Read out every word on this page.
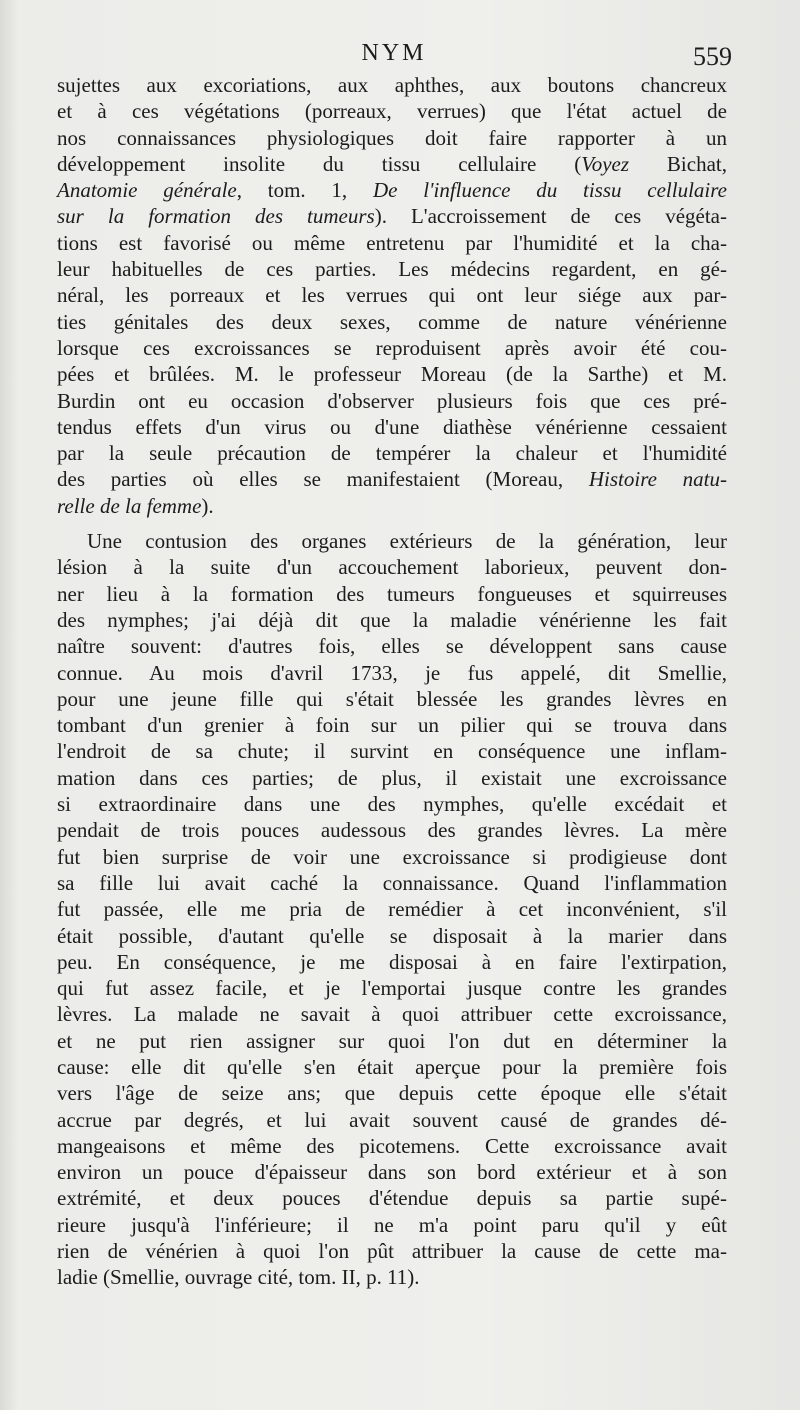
NYM	559
sujettes aux excoriations, aux aphthes, aux boutons chancreux
et à ces végétations (porreaux, verrues) que l'état actuel de
nos connaissances physiologiques doit faire rapporter à un
développement insolite du tissu cellulaire (Voyez Bichat,
Anatomie générale, tom. 1, De l'influence du tissu cellulaire
sur la formation des tumeurs). L'accroissement de ces végéta-
tions est favorisé ou même entretenu par l'humidité et la cha-
leur habituelles de ces parties. Les médecins regardent, en gé-
néral, les porreaux et les verrues qui ont leur siége aux par-
ties génitales des deux sexes, comme de nature vénérienne
lorsque ces excroissances se reproduisent après avoir été cou-
pées et brûlées. M. le professeur Moreau (de la Sarthe) et M.
Burdin ont eu occasion d'observer plusieurs fois que ces pré-
tendus effets d'un virus ou d'une diathèse vénérienne cessaient
par la seule précaution de tempérer la chaleur et l'humidité
des parties où elles se manifestaient (Moreau, Histoire natu-
relle de la femme).
Une contusion des organes extérieurs de la génération, leur
lésion à la suite d'un accouchement laborieux, peuvent don-
ner lieu à la formation des tumeurs fongueuses et squirreuses
des nymphes; j'ai déjà dit que la maladie vénérienne les fait
naître souvent: d'autres fois, elles se développent sans cause
connue. Au mois d'avril 1733, je fus appelé, dit Smellie,
pour une jeune fille qui s'était blessée les grandes lèvres en
tombant d'un grenier à foin sur un pilier qui se trouva dans
l'endroit de sa chute; il survint en conséquence une inflam-
mation dans ces parties; de plus, il existait une excroissance
si extraordinaire dans une des nymphes, qu'elle excédait et
pendait de trois pouces audessous des grandes lèvres. La mère
fut bien surprise de voir une excroissance si prodigieuse dont
sa fille lui avait caché la connaissance. Quand l'inflammation
fut passée, elle me pria de remédier à cet inconvénient, s'il
était possible, d'autant qu'elle se disposait à la marier dans
peu. En conséquence, je me disposai à en faire l'extirpation,
qui fut assez facile, et je l'emportai jusque contre les grandes
lèvres. La malade ne savait à quoi attribuer cette excroissance,
et ne put rien assigner sur quoi l'on dut en déterminer la
cause: elle dit qu'elle s'en était aperçue pour la première fois
vers l'âge de seize ans; que depuis cette époque elle s'était
accrue par degrés, et lui avait souvent causé de grandes dé-
mangeaisons et même des picotemens. Cette excroissance avait
environ un pouce d'épaisseur dans son bord extérieur et à son
extrémité, et deux pouces d'étendue depuis sa partie supé-
rieure jusqu'à l'inférieure; il ne m'a point paru qu'il y eût
rien de vénérien à quoi l'on pût attribuer la cause de cette ma-
ladie (Smellie, ouvrage cité, tom. II, p. 11).
